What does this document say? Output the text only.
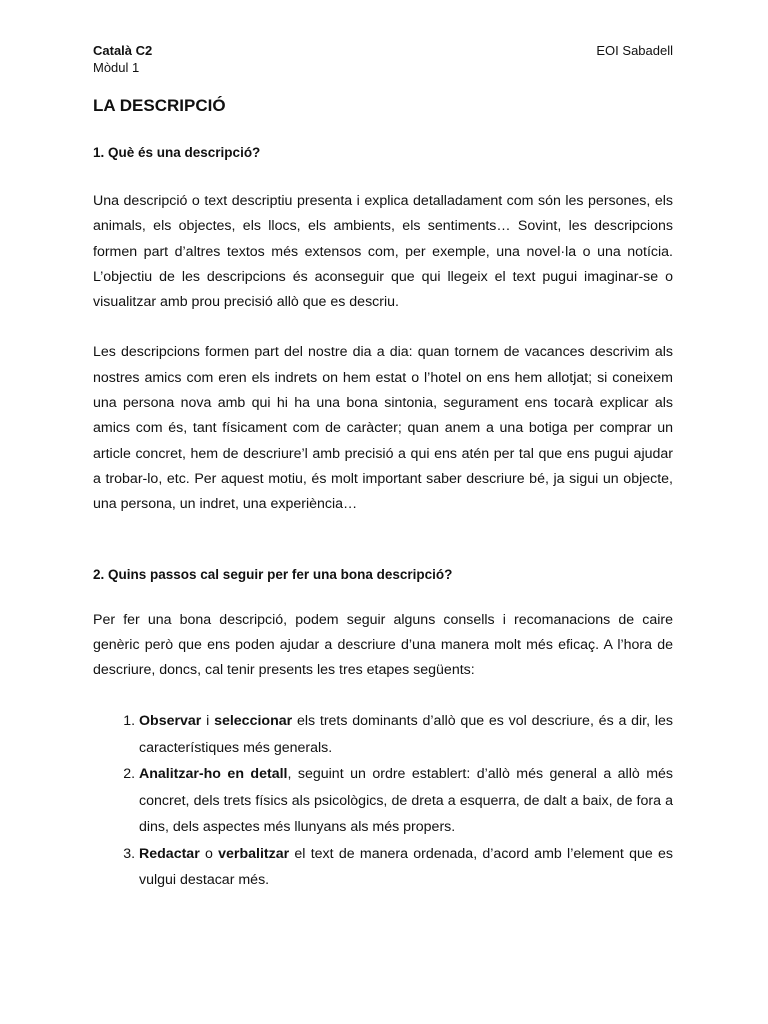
Català C2	EOI Sabadell
Mòdul 1
LA DESCRIPCIÓ
1. Què és una descripció?

Una descripció o text descriptiu presenta i explica detalladament com són les persones, els animals, els objectes, els llocs, els ambients, els sentiments… Sovint, les descripcions formen part d’altres textos més extensos com, per exemple, una novel·la o una notícia. L’objectiu de les descripcions és aconseguir que qui llegeix el text pugui imaginar-se o visualitzar amb prou precisió allò que es descriu.

Les descripcions formen part del nostre dia a dia: quan tornem de vacances descrivim als nostres amics com eren els indrets on hem estat o l’hotel on ens hem allotjat; si coneixem una persona nova amb qui hi ha una bona sintonia, segurament ens tocarà explicar als amics com és, tant físicament com de caràcter; quan anem a una botiga per comprar un article concret, hem de descriure’l amb precisió a qui ens atén per tal que ens pugui ajudar a trobar-lo, etc. Per aquest motiu, és molt important saber descriure bé, ja sigui un objecte, una persona, un indret, una experiència…

2. Quins passos cal seguir per fer una bona descripció?

Per fer una bona descripció, podem seguir alguns consells i recomanacions de caire genèric però que ens poden ajudar a descriure d’una manera molt més eficaç. A l’hora de descriure, doncs, cal tenir presents les tres etapes següents:

1. Observar i seleccionar els trets dominants d’allò que es vol descriure, és a dir, les característiques més generals.
2. Analitzar-ho en detall, seguint un ordre establert: d’allò més general a allò més concret, dels trets físics als psicològics, de dreta a esquerra, de dalt a baix, de fora a dins, dels aspectes més llunyans als més propers.
3. Redactar o verbalitzar el text de manera ordenada, d’acord amb l’element que es vulgui destacar més.
